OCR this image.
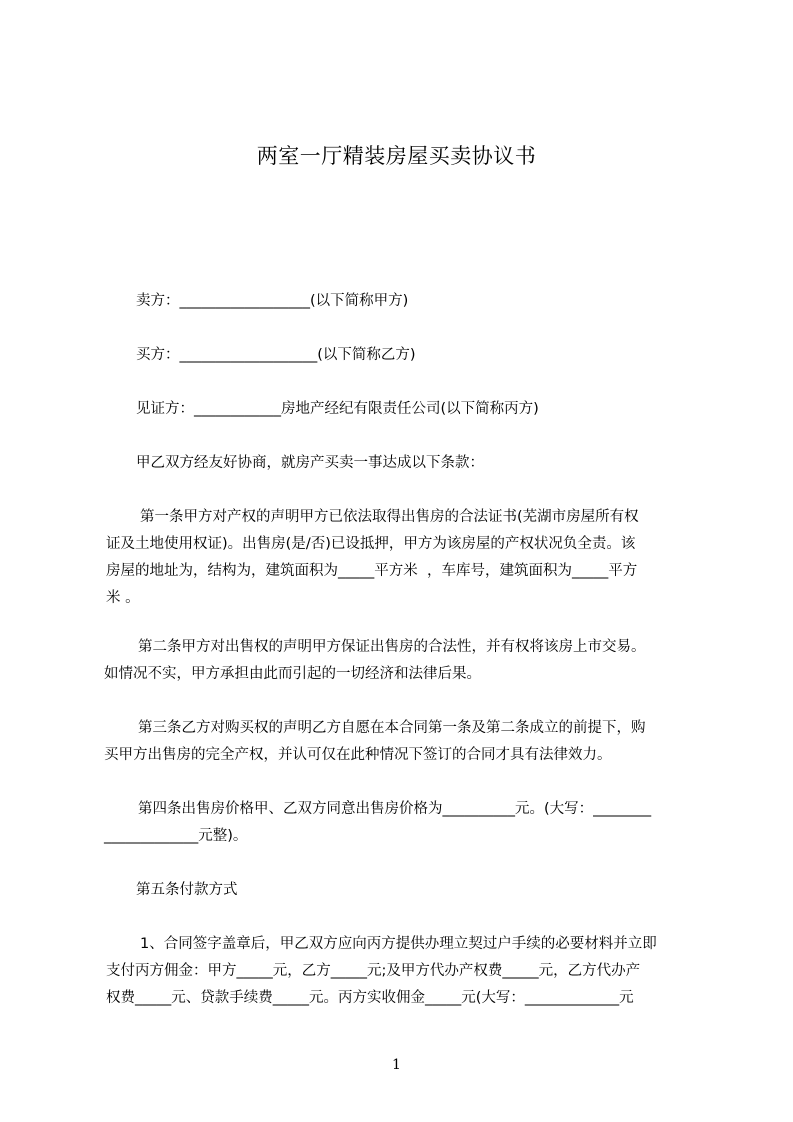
两室一厅精装房屋买卖协议书
卖方：__________________(以下简称甲方)
买方：___________________(以下简称乙方)
见证方：____________房地产经纪有限责任公司(以下简称丙方)
甲乙双方经友好协商，就房产买卖一事达成以下条款：
第一条甲方对产权的声明甲方已依法取得出售房的合法证书(芜湖市房屋所有权
证及土地使用权证)。出售房(是/否)已设抵押，甲方为该房屋的产权状况负全责。该
房屋的地址为，结构为，建筑面积为_____平方米  ，车库号，建筑面积为_____平方
米 。
第二条甲方对出售权的声明甲方保证出售房的合法性，并有权将该房上市交易。
如情况不实，甲方承担由此而引起的一切经济和法律后果。
第三条乙方对购买权的声明乙方自愿在本合同第一条及第二条成立的前提下，购
买甲方出售房的完全产权，并认可仅在此种情况下签订的合同才具有法律效力。
第四条出售房价格甲、乙双方同意出售房价格为__________元。(大写：________
_____________元整)。
第五条付款方式
1、合同签字盖章后，甲乙双方应向丙方提供办理立契过户手续的必要材料并立即
支付丙方佣金：甲方_____元，乙方_____元;及甲方代办产权费_____元，乙方代办产
权费_____元、贷款手续费_____元。丙方实收佣金_____元(大写：_____________元
1
